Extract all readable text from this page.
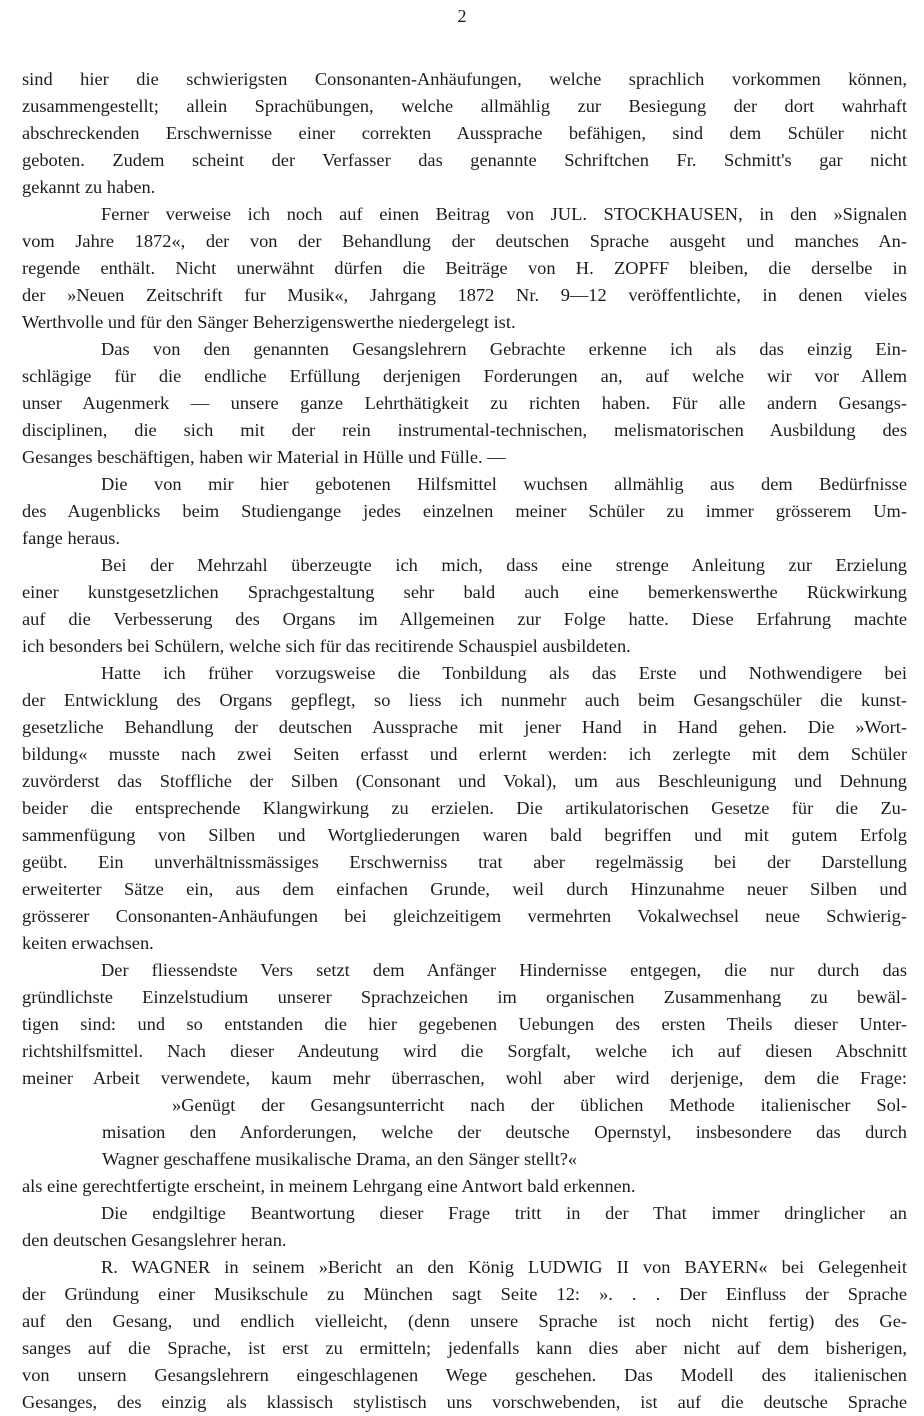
2
sind hier die schwierigsten Consonanten-Anhäufungen, welche sprachlich vorkommen können,
zusammengestellt; allein Sprachübungen, welche allmählig zur Besiegung der dort wahrhaft
abschreckenden Erschwernisse einer correkten Aussprache befähigen, sind dem Schüler nicht
geboten. Zudem scheint der Verfasser das genannte Schriftchen Fr. Schmitt's gar nicht
gekannt zu haben.
Ferner verweise ich noch auf einen Beitrag von JUL. STOCKHAUSEN, in den »Signalen
vom Jahre 1872«, der von der Behandlung der deutschen Sprache ausgeht und manches An-
regende enthält. Nicht unerwähnt dürfen die Beiträge von H. ZOPFF bleiben, die derselbe in
der »Neuen Zeitschrift fur Musik«, Jahrgang 1872 Nr. 9—12 veröffentlichte, in denen vieles
Werthvolle und für den Sänger Beherzigenswerthe niedergelegt ist.
Das von den genannten Gesangslehrern Gebrachte erkenne ich als das einzig Ein-
schlägige für die endliche Erfüllung derjenigen Forderungen an, auf welche wir vor Allem
unser Augenmerk — unsere ganze Lehrthätigkeit zu richten haben. Für alle andern Gesangs-
disciplinen, die sich mit der rein instrumental-technischen, melismatorischen Ausbildung des
Gesanges beschäftigen, haben wir Material in Hülle und Fülle. —
Die von mir hier gebotenen Hilfsmittel wuchsen allmählig aus dem Bedürfnisse
des Augenblicks beim Studiengange jedes einzelnen meiner Schüler zu immer grösserem Um-
fange heraus.
Bei der Mehrzahl überzeugte ich mich, dass eine strenge Anleitung zur Erzielung
einer kunstgesetzlichen Sprachgestaltung sehr bald auch eine bemerkenswerthe Rückwirkung
auf die Verbesserung des Organs im Allgemeinen zur Folge hatte. Diese Erfahrung machte
ich besonders bei Schülern, welche sich für das recitirende Schauspiel ausbildeten.
Hatte ich früher vorzugsweise die Tonbildung als das Erste und Nothwendigere bei
der Entwicklung des Organs gepflegt, so liess ich nunmehr auch beim Gesangschüler die kunst-
gesetzliche Behandlung der deutschen Aussprache mit jener Hand in Hand gehen. Die »Wort-
bildung« musste nach zwei Seiten erfasst und erlernt werden: ich zerlegte mit dem Schüler
zuvörderst das Stoffliche der Silben (Consonant und Vokal), um aus Beschleunigung und Dehnung
beider die entsprechende Klangwirkung zu erzielen. Die artikulatorischen Gesetze für die Zu-
sammenfügung von Silben und Wortgliederungen waren bald begriffen und mit gutem Erfolg
geübt. Ein unverhältnissmässiges Erschwerniss trat aber regelmässig bei der Darstellung
erweiterter Sätze ein, aus dem einfachen Grunde, weil durch Hinzunahme neuer Silben und
grösserer Consonanten-Anhäufungen bei gleichzeitigem vermehrten Vokalwechsel neue Schwierig-
keiten erwachsen.
Der fliessendste Vers setzt dem Anfänger Hindernisse entgegen, die nur durch das
gründlichste Einzelstudium unserer Sprachzeichen im organischen Zusammenhang zu bewäl-
tigen sind: und so entstanden die hier gegebenen Uebungen des ersten Theils dieser Unter-
richtshilfsmittel. Nach dieser Andeutung wird die Sorgfalt, welche ich auf diesen Abschnitt
meiner Arbeit verwendete, kaum mehr überraschen, wohl aber wird derjenige, dem die Frage:
»Genügt der Gesangsunterricht nach der üblichen Methode italienischer Sol-
misation den Anforderungen, welche der deutsche Opernstyl, insbesondere das durch
Wagner geschaffene musikalische Drama, an den Sänger stellt?«
als eine gerechtfertigte erscheint, in meinem Lehrgang eine Antwort bald erkennen.
Die endgiltige Beantwortung dieser Frage tritt in der That immer dringlicher an
den deutschen Gesangslehrer heran.
R. WAGNER in seinem »Bericht an den König LUDWIG II von BAYERN« bei Gelegenheit
der Gründung einer Musikschule zu München sagt Seite 12: ». . . Der Einfluss der Sprache
auf den Gesang, und endlich vielleicht, (denn unsere Sprache ist noch nicht fertig) des Ge-
sanges auf die Sprache, ist erst zu ermitteln; jedenfalls kann dies aber nicht auf dem bisherigen,
von unsern Gesangslehrern eingeschlagenen Wege geschehen. Das Modell des italienischen
Gesanges, des einzig als klassisch stylistisch uns vorschwebenden, ist auf die deutsche Sprache
